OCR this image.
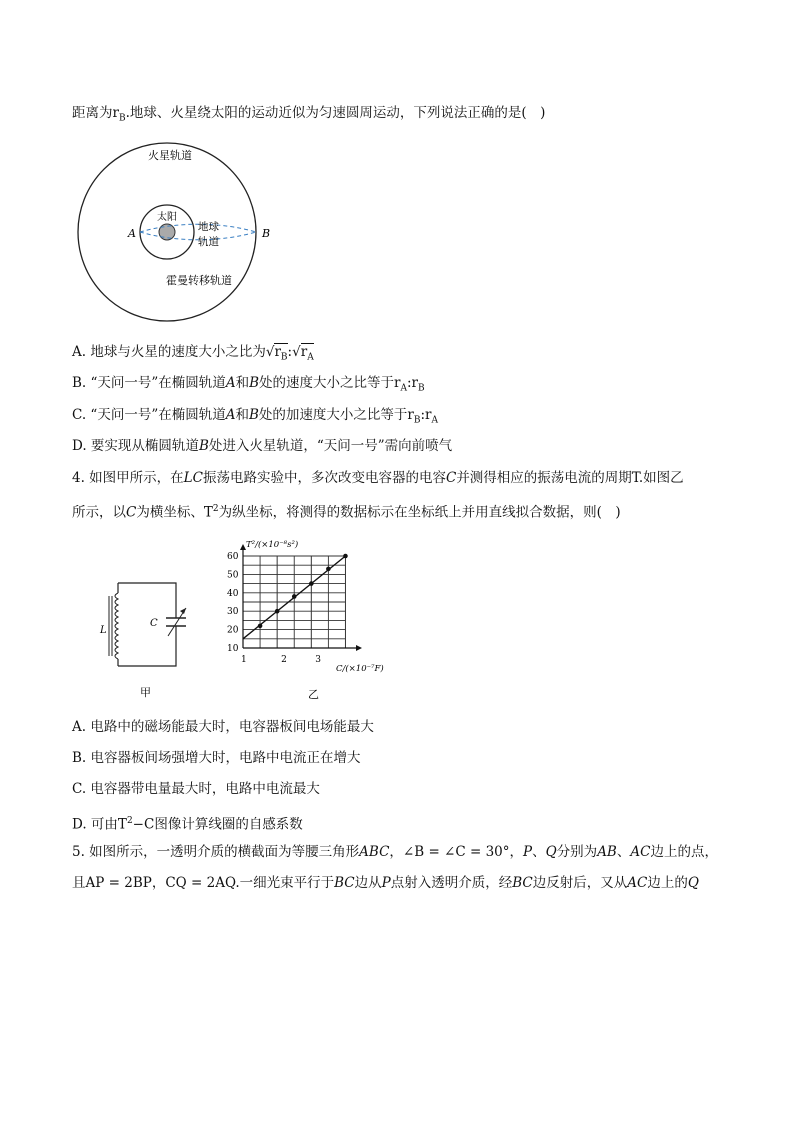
距离为$r_B$.地球、火星绕太阳的运动近似为匀速圆周运动，下列说法正确的是(　)
火星轨道
太阳
地球
轨道
A	B
霍曼转移轨道
A. 地球与火星的速度大小之比为$√r_B:√r_A$
B. “天问一号”在椭圆轨道A和B处的速度大小之比等于$r_A:r_B$
C. “天问一号”在椭圆轨道A和B处的加速度大小之比等于$r_B:r_A$
D. 要实现从椭圆轨道B处进入火星轨道，“天问一号”需向前喷气
4. 如图甲所示，在LC振荡电路实验中，多次改变电容器的电容C并测得相应的振荡电流的周期T.如图乙
所示，以C为横坐标、$T^2$为纵坐标，将测得的数据标示在坐标纸上并用直线拟合数据，则(　)
L
C
甲
20
30
40
50
60
10
1	2	3
T²/(×10⁻⁸s²)
C/(×10⁻⁷F)
乙
A. 电路中的磁场能最大时，电容器板间电场能最大
B. 电容器板间场强增大时，电路中电流正在增大
C. 电容器带电量最大时，电路中电流最大
D. 可由$T^2-C$图像计算线圈的自感系数
5. 如图所示，一透明介质的横截面为等腰三角形ABC，∠B = ∠C = 30°，P、Q分别为AB、AC边上的点，
且AP = 2BP，CQ = 2AQ.一细光束平行于BC边从P点射入透明介质，经BC边反射后，又从AC边上的Q
